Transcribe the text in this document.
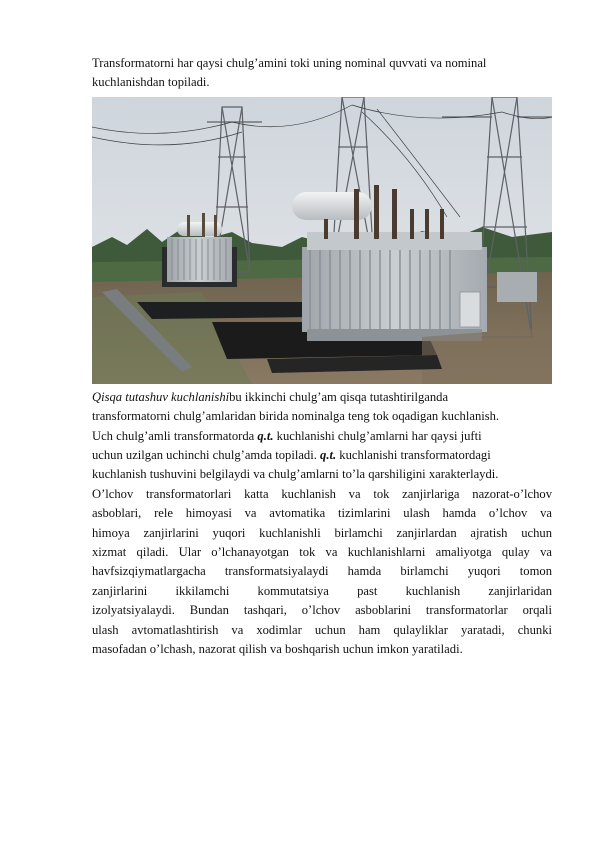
Transformatorni har qaysi chulg’amini toki uning nominal quvvati va nominal
kuchlanishdan topiladi.
Qisqa tutashuv kuchlanishibu ikkinchi chulg’am qisqa tutashtirilganda
transformatorni chulg’amlaridan birida nominalga teng tok oqadigan kuchlanish.
Uch chulg’amli transformatorda q.t. kuchlanishi chulg’amlarni har qaysi jufti
uchun uzilgan uchinchi chulg’amda topiladi. q.t. kuchlanishi transformatordagi
kuchlanish tushuvini belgilaydi va chulg’amlarni to’la qarshiligini xarakterlaydi.
O’lchov transformatorlari katta kuchlanish va tok zanjirlariga nazorat-o’lchov
asboblari, rele himoyasi va avtomatika tizimlarini ulash hamda o’lchov va
himoya zanjirlarini yuqori kuchlanishli birlamchi zanjirlardan ajratish uchun
xizmat qiladi. Ular o’lchanayotgan tok va kuchlanishlarni amaliyotga qulay va
havfsizqiymatlargacha transformatsiyalaydi hamda birlamchi yuqori tomon
zanjirlarini ikkilamchi kommutatsiya past kuchlanish zanjirlaridan
izolyatsiyalaydi. Bundan tashqari, o’lchov asboblarini transformatorlar orqali
ulash avtomatlashtirish va xodimlar uchun ham qulayliklar yaratadi, chunki
masofadan o’lchash, nazorat qilish va boshqarish uchun imkon yaratiladi.
